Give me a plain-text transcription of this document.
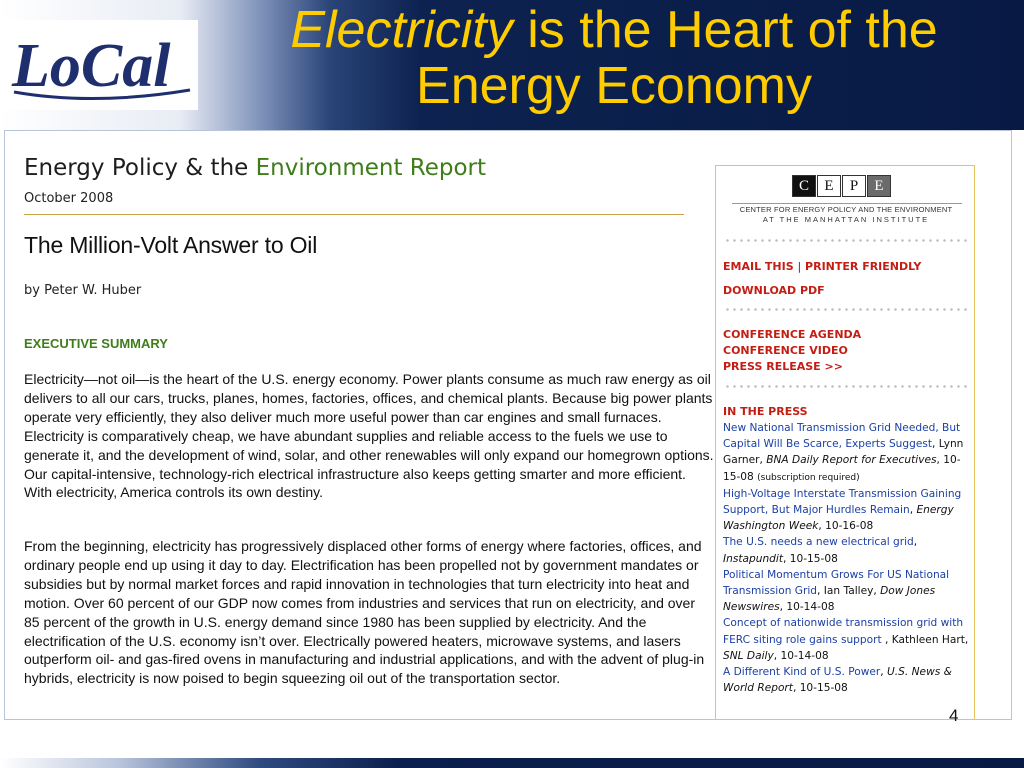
LoCal
Electricity is the Heart of the
Energy Economy
Energy Policy & the Environment Report
October 2008
The Million-Volt Answer to Oil
by Peter W. Huber
EXECUTIVE SUMMARY
Electricity—not oil—is the heart of the U.S. energy economy. Power plants consume as much raw energy as oil delivers to all our cars, trucks, planes, homes, factories, offices, and chemical plants. Because big power plants operate very efficiently, they also deliver much more useful power than car engines and small furnaces. Electricity is comparatively cheap, we have abundant supplies and reliable access to the fuels we use to generate it, and the development of wind, solar, and other renewables will only expand our homegrown options. Our capital-intensive, technology-rich electrical infrastructure also keeps getting smarter and more efficient. With electricity, America controls its own destiny.
From the beginning, electricity has progressively displaced other forms of energy where factories, offices, and ordinary people end up using it day to day. Electrification has been propelled not by government mandates or subsidies but by normal market forces and rapid innovation in technologies that turn electricity into heat and motion. Over 60 percent of our GDP now comes from industries and services that run on electricity, and over 85 percent of the growth in U.S. energy demand since 1980 has been supplied by electricity. And the electrification of the U.S. economy isn’t over. Electrically powered heaters, microwave systems, and lasers outperform oil- and gas-fired ovens in manufacturing and industrial applications, and with the advent of plug-in hybrids, electricity is now poised to begin squeezing oil out of the transportation sector.
C	E	P	E
CENTER FOR ENERGY POLICY AND THE ENVIRONMENT
AT THE MANHATTAN INSTITUTE
EMAIL THIS | PRINTER FRIENDLY
DOWNLOAD PDF
CONFERENCE AGENDA
CONFERENCE VIDEO
PRESS RELEASE >>
IN THE PRESS
New National Transmission Grid Needed, But Capital Will Be Scarce, Experts Suggest, Lynn Garner, BNA Daily Report for Executives, 10-15-08 (subscription required)
High-Voltage Interstate Transmission Gaining Support, But Major Hurdles Remain, Energy Washington Week, 10-16-08
The U.S. needs a new electrical grid, Instapundit, 10-15-08
Political Momentum Grows For US National Transmission Grid, Ian Talley, Dow Jones Newswires, 10-14-08
Concept of nationwide transmission grid with FERC siting role gains support , Kathleen Hart, SNL Daily, 10-14-08
A Different Kind of U.S. Power, U.S. News & World Report, 10-15-08
4
